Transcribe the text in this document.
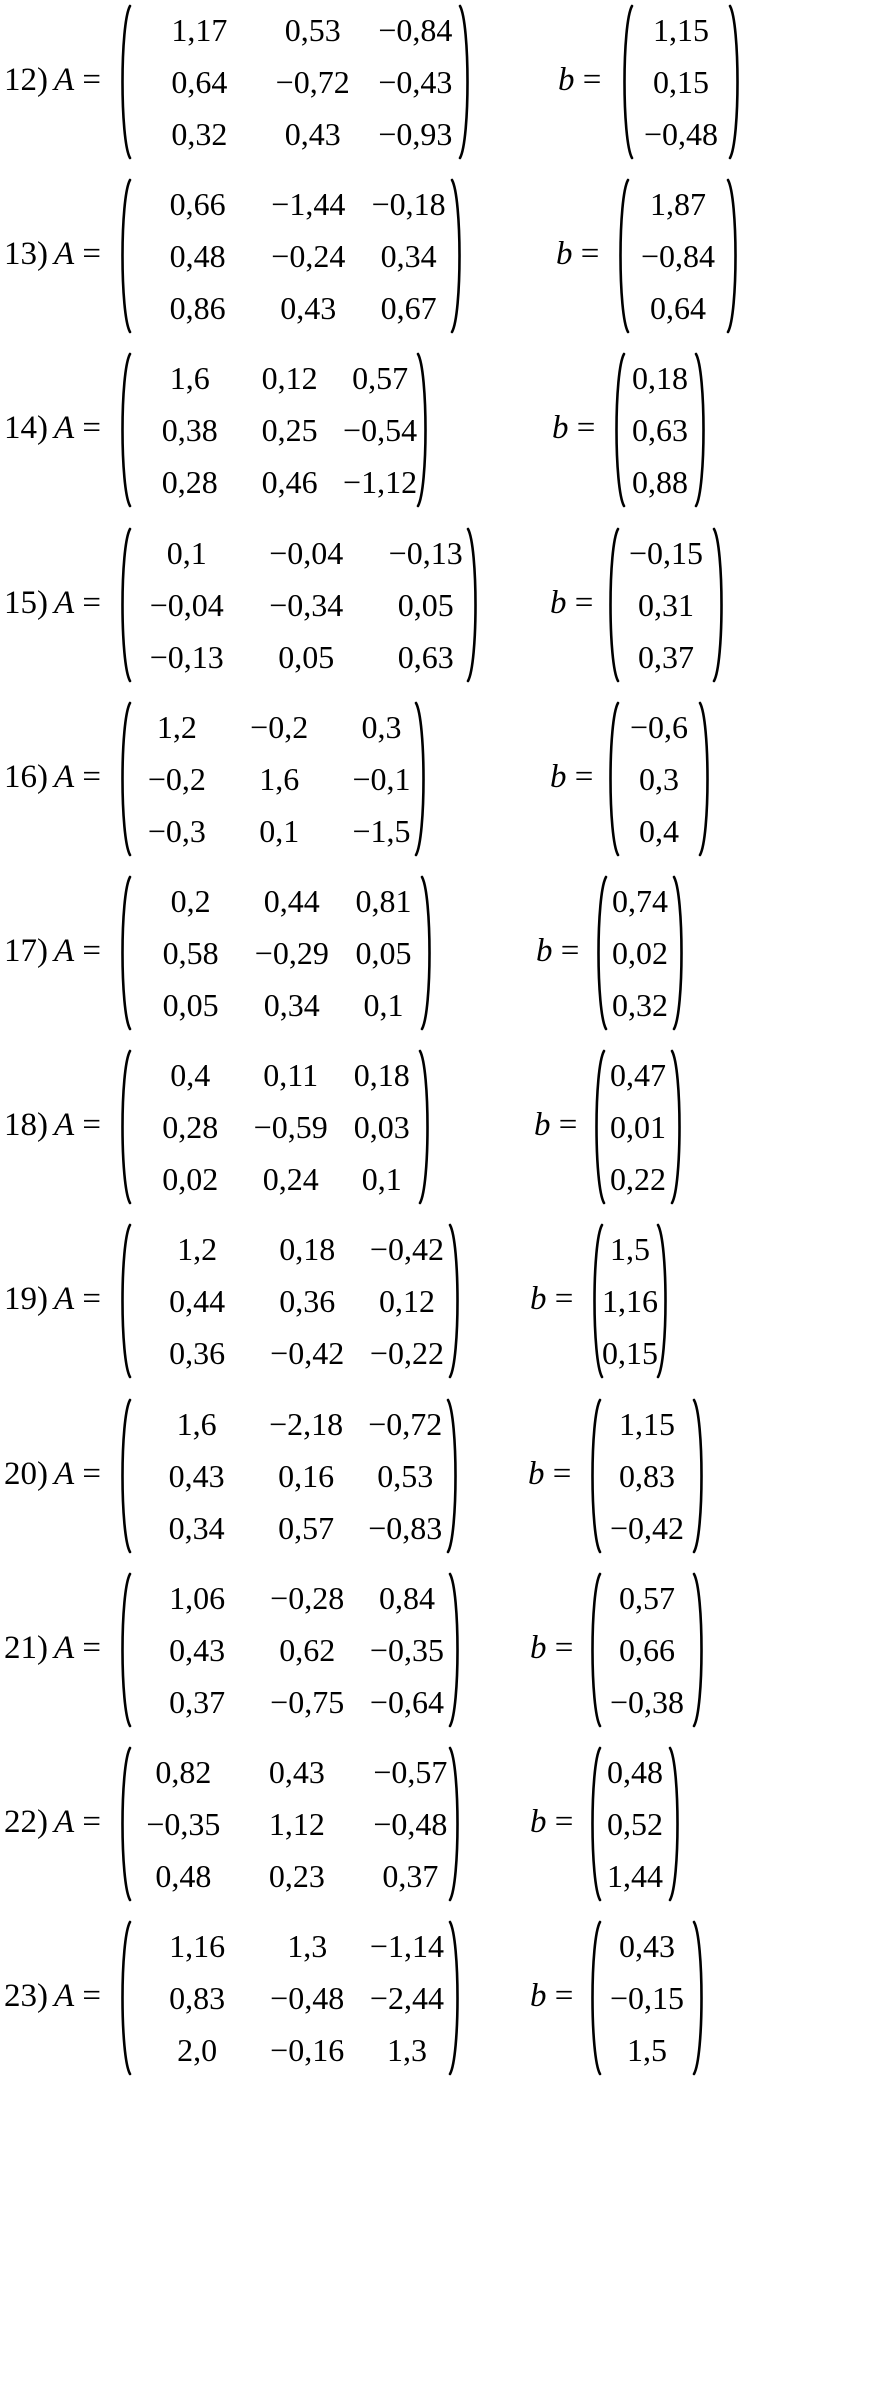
12) A =
1,17 0,53 −0,84
0,64 −0,72 −0,43
0,32 0,43 −0,93
b =
1,15
0,15
−0,48
13) A =
0,66 −1,44 −0,18
0,48 −0,24 0,34
0,86 0,43 0,67
b =
1,87
−0,84
0,64
14) A =
1,6 0,12 0,57
0,38 0,25 −0,54
0,28 0,46 −1,12
b =
0,18
0,63
0,88
15) A =
0,1 −0,04 −0,13
−0,04 −0,34 0,05
−0,13 0,05 0,63
b =
−0,15
0,31
0,37
16) A =
1,2 −0,2 0,3
−0,2 1,6 −0,1
−0,3 0,1 −1,5
b =
−0,6
0,3
0,4
17) A =
0,2 0,44 0,81
0,58 −0,29 0,05
0,05 0,34 0,1
b =
0,74
0,02
0,32
18) A =
0,4 0,11 0,18
0,28 −0,59 0,03
0,02 0,24 0,1
b =
0,47
0,01
0,22
19) A =
1,2 0,18 −0,42
0,44 0,36 0,12
0,36 −0,42 −0,22
b =
1,5
1,16
0,15
20) A =
1,6 −2,18 −0,72
0,43 0,16 0,53
0,34 0,57 −0,83
b =
1,15
0,83
−0,42
21) A =
1,06 −0,28 0,84
0,43 0,62 −0,35
0,37 −0,75 −0,64
b =
0,57
0,66
−0,38
22) A =
0,82 0,43 −0,57
−0,35 1,12 −0,48
0,48 0,23 0,37
b =
0,48
0,52
1,44
23) A =
1,16 1,3 −1,14
0,83 −0,48 −2,44
2,0 −0,16 1,3
b =
0,43
−0,15
1,5
